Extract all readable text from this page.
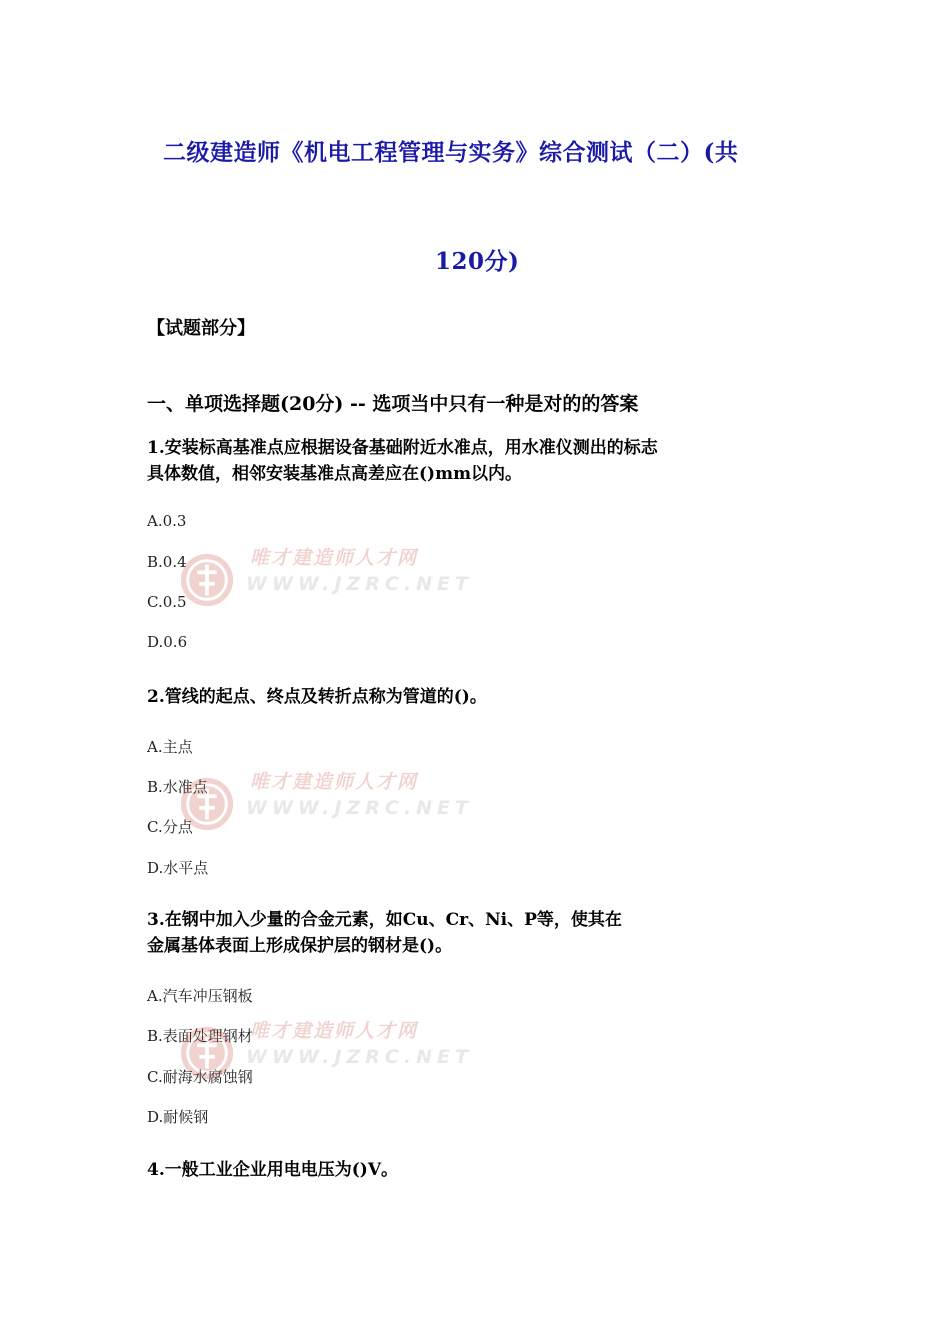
二级建造师《机电工程管理与实务》综合测试（二）(共
120分)
【试题部分】
一、单项选择题(20分) -- 选项当中只有一种是对的的答案
1.安装标高基准点应根据设备基础附近水准点，用水准仪测出的标志
具体数值，相邻安装基准点高差应在()mm以内。
A.0.3
B.0.4
C.0.5
D.0.6
2.管线的起点、终点及转折点称为管道的()。
A.主点
B.水准点
C.分点
D.水平点
3.在钢中加入少量的合金元素，如Cu、Cr、Ni、P等，使其在
金属基体表面上形成保护层的钢材是()。
A.汽车冲压钢板
B.表面处理钢材
C.耐海水腐蚀钢
D.耐候钢
4.一般工业企业用电电压为()V。
唯才建造师人才网
WWW.JZRC.NET
唯才建造师人才网
WWW.JZRC.NET
唯才建造师人才网
WWW.JZRC.NET
